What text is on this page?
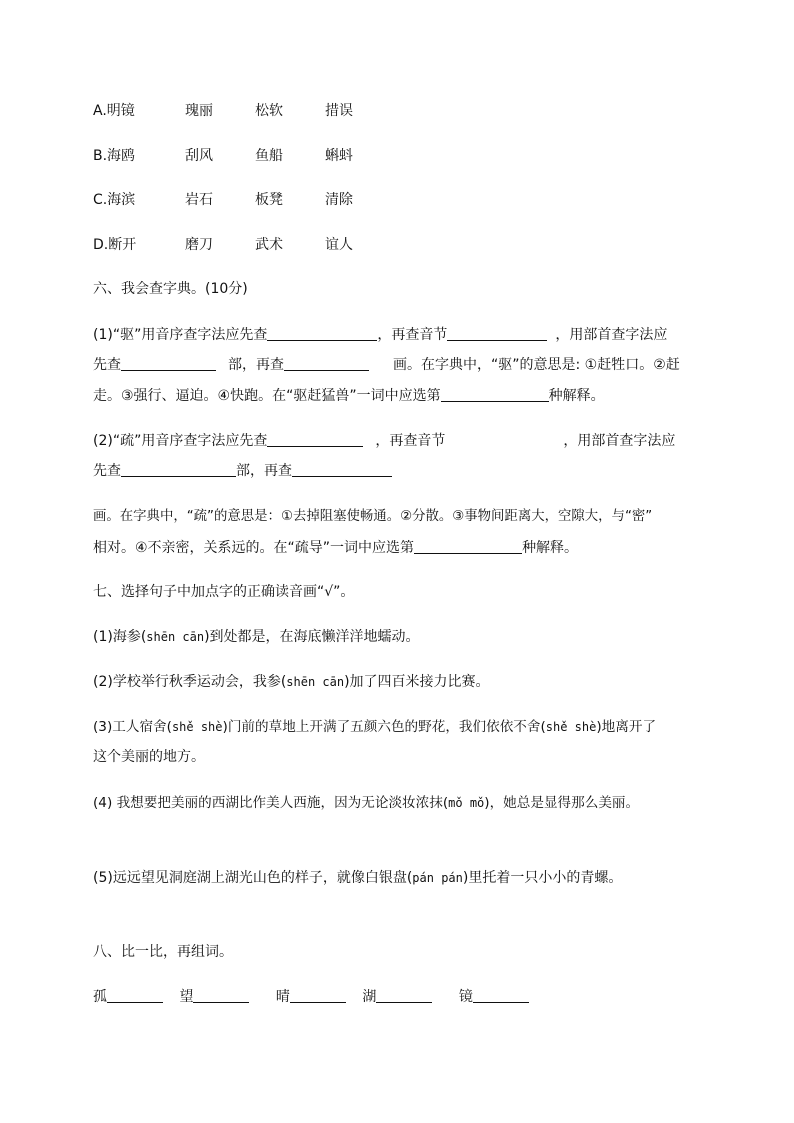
A.明镜	瑰丽	松软	措误
B.海鸥	刮风	鱼船	蝌蚪
C.海滨	岩石	板凳	清除
D.断开	磨刀	武术	谊人
六、我会查字典。(10分)
(1)“驱”用音序查字法应先查	，再查音节	，用部首查字法应
先查	部，再查	画。在字典中，“驱”的意思是: ①赶牲口。②赶
走。③强行、逼迫。④快跑。在“驱赶猛兽”一词中应选第	种解释。
(2)“疏”用音序查字法应先查	，再查音节	，用部首查字法应
先查	部，再查
画。在字典中，“疏”的意思是：①去掉阻塞使畅通。②分散。③事物间距离大，空隙大，与“密”
相对。④不亲密，关系远的。在“疏导”一词中应选第	种解释。
七、选择句子中加点字的正确读音画“√”。
(1)海参(shēn cān)到处都是，在海底懒洋洋地蠕动。
(2)学校举行秋季运动会，我参(shēn cān)加了四百米接力比赛。
(3)工人宿舍(shě shè)门前的草地上开满了五颜六色的野花，我们依依不舍(shě shè)地离开了
这个美丽的地方。
(4) 我想要把美丽的西湖比作美人西施，因为无论淡妆浓抹(mǒ mǒ)，她总是显得那么美丽。
(5)远远望见洞庭湖上湖光山色的样子，就像白银盘(pán pán)里托着一只小小的青螺。
八、比一比，再组词。
孤	望	晴	湖	镜
